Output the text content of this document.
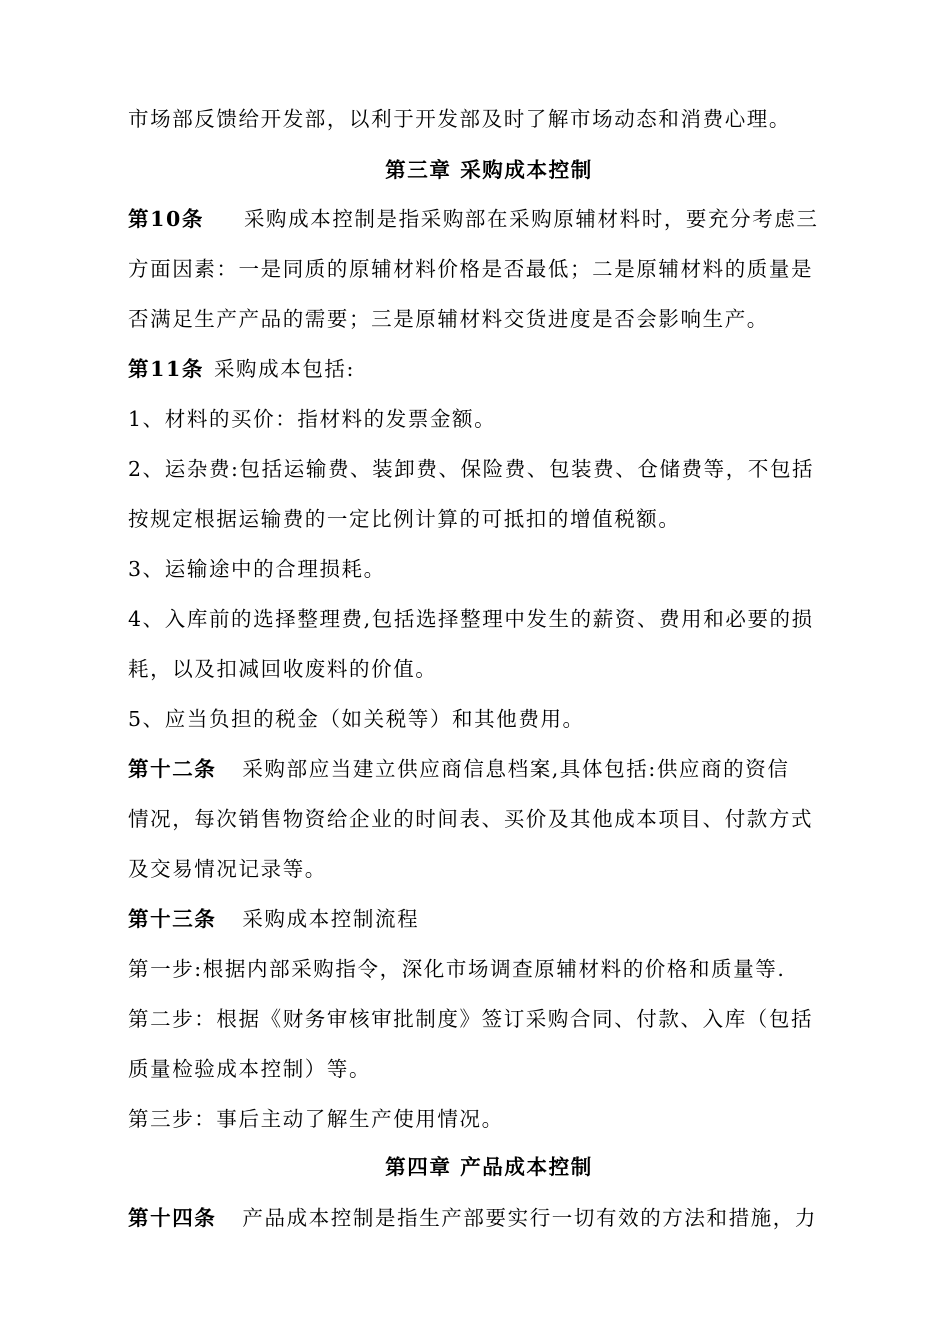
市场部反馈给开发部，以利于开发部及时了解市场动态和消费心理。
第三章 采购成本控制
第10条 采购成本控制是指采购部在采购原辅材料时，要充分考虑三
方面因素：一是同质的原辅材料价格是否最低；二是原辅材料的质量是
否满足生产产品的需要；三是原辅材料交货进度是否会影响生产。
第11条 采购成本包括:
1、材料的买价：指材料的发票金额。
2、运杂费:包括运输费、装卸费、保险费、包装费、仓储费等，不包括
按规定根据运输费的一定比例计算的可抵扣的增值税额。
3、运输途中的合理损耗。
4、入库前的选择整理费,包括选择整理中发生的薪资、费用和必要的损
耗，以及扣减回收废料的价值。
5、应当负担的税金（如关税等）和其他费用。
第十二条 采购部应当建立供应商信息档案,具体包括:供应商的资信
情况，每次销售物资给企业的时间表、买价及其他成本项目、付款方式
及交易情况记录等。
第十三条 采购成本控制流程
第一步:根据内部采购指令，深化市场调查原辅材料的价格和质量等.
第二步：根据《财务审核审批制度》签订采购合同、付款、入库（包括
质量检验成本控制）等。
第三步：事后主动了解生产使用情况。
第四章 产品成本控制
第十四条 产品成本控制是指生产部要实行一切有效的方法和措施，力
